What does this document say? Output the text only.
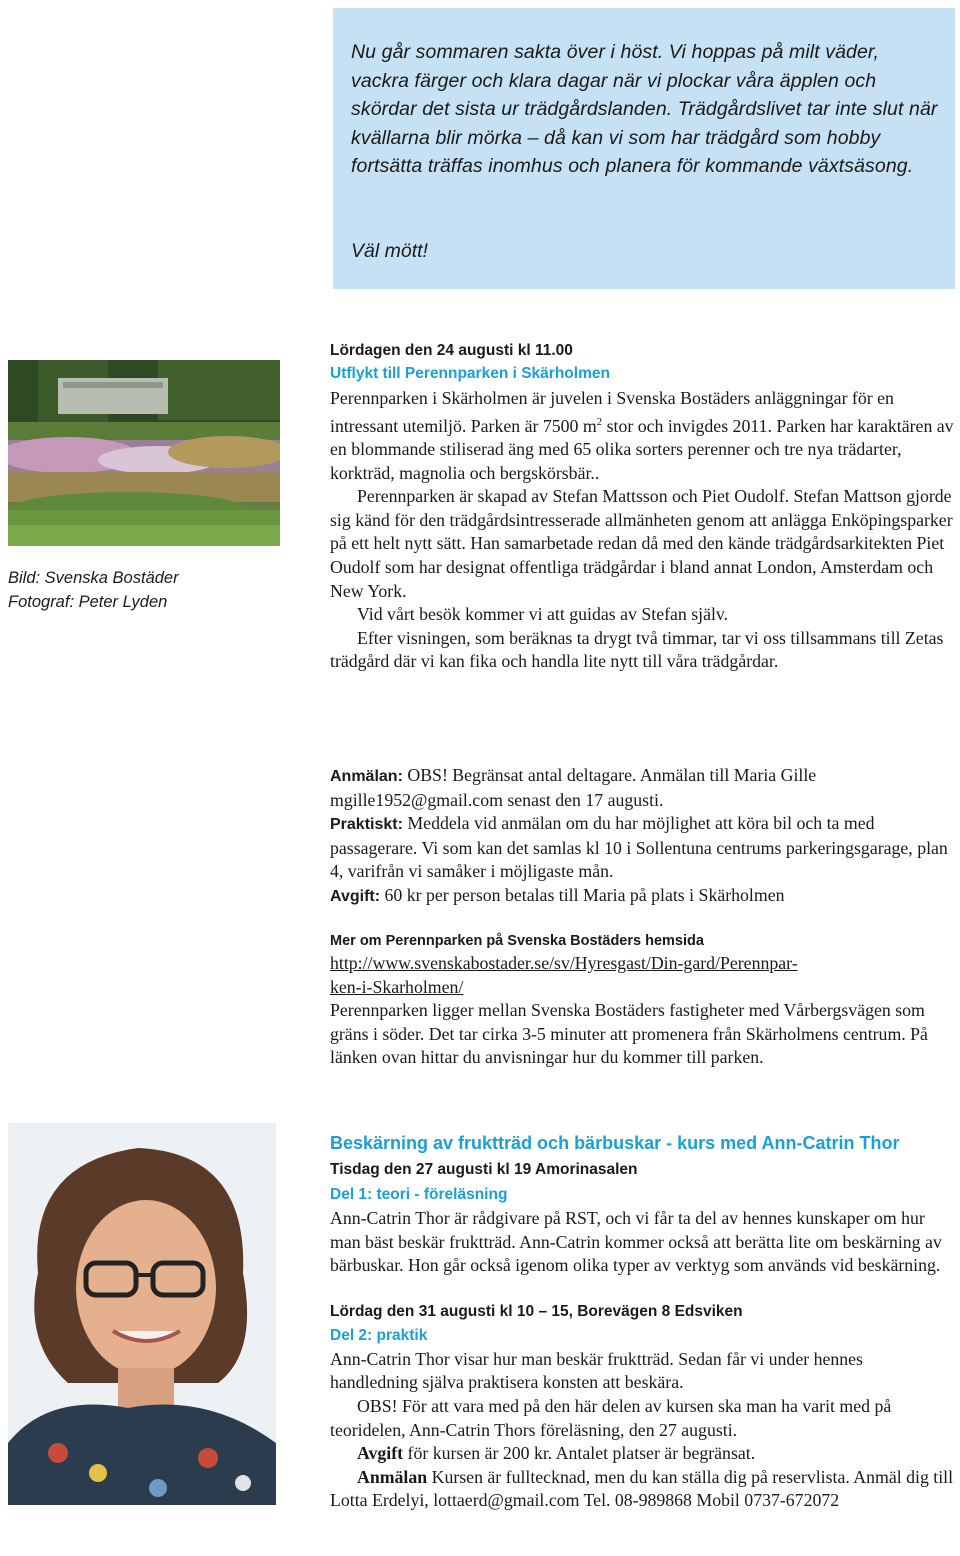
Nu går sommaren sakta över i höst. Vi hoppas på milt väder, vackra färger och klara dagar när vi plockar våra äpplen och skördar det sista ur trädgårdslanden. Trädgårdslivet tar inte slut när kvällarna blir mörka – då kan vi som har trädgård som hobby fortsätta träffas inomhus och planera för kommande växtsäsong.
Väl mött!
Bild: Svenska Bostäder
Fotograf: Peter Lyden
Lördagen den 24 augusti kl 11.00
Utflykt till Perennparken i Skärholmen

Perennparken i Skärholmen är juvelen i Svenska Bostäders anläggningar för en intressant utemiljö. Parken är 7500 $m^2$ stor och invigdes 2011. Parken har karaktären av en blommande stiliserad äng med 65 olika sorters perenner och tre nya trädarter, korkträd, magnolia och bergskörsbär..

Perennparken är skapad av Stefan Mattsson och Piet Oudolf. Stefan Mattson gjorde sig känd för den trädgårdsintresserade allmänheten genom att anlägga Enköpingsparker på ett helt nytt sätt. Han samarbetade redan då med den kände trädgårdsarkitekten Piet Oudolf som har designat offentliga trädgårdar i bland annat London, Amsterdam och New York.

Vid vårt besök kommer vi att guidas av Stefan själv.

Efter visningen, som beräknas ta drygt två timmar, tar vi oss tillsammans till Zetas trädgård där vi kan fika och handla lite nytt till våra trädgårdar.

Anmälan: OBS! Begränsat antal deltagare. Anmälan till Maria Gille mgille1952@gmail.com senast den 17 augusti.

Praktiskt: Meddela vid anmälan om du har möjlighet att köra bil och ta med passagerare. Vi som kan det samlas kl 10 i Sollentuna centrums parkeringsgarage, plan 4, varifrån vi samåker i möjligaste mån.

Avgift: 60 kr per person betalas till Maria på plats i Skärholmen

Mer om Perennparken på Svenska Bostäders hemsida
http://www.svenskabostader.se/sv/Hyresgast/Din-gard/Perennpar-
ken-i-Skarholmen/

Perennparken ligger mellan Svenska Bostäders fastigheter med Vårbergsvägen som gräns i söder. Det tar cirka 3-5 minuter att promenera från Skärholmens centrum. På länken ovan hittar du anvisningar hur du kommer till parken.

Beskärning av fruktträd och bärbuskar - kurs med Ann-Catrin Thor
Tisdag den 27 augusti kl 19 Amorinasalen
Del 1: teori - föreläsning

Ann-Catrin Thor är rådgivare på RST, och vi får ta del av hennes kunskaper om hur man bäst beskär fruktträd. Ann-Catrin kommer också att berätta lite om beskärning av bärbuskar. Hon går också igenom olika typer av verktyg som används vid beskärning.

Lördag den 31 augusti kl 10 – 15, Borevägen 8 Edsviken
Del 2: praktik

Ann-Catrin Thor visar hur man beskär fruktträd. Sedan får vi under hennes handledning själva praktisera konsten att beskära.

OBS! För att vara med på den här delen av kursen ska man ha varit med på teoridelen, Ann-Catrin Thors föreläsning, den 27 augusti.

Avgift för kursen är 200 kr. Antalet platser är begränsat.

Anmälan Kursen är fulltecknad, men du kan ställa dig på reservlista. Anmäl dig till Lotta Erdelyi, lottaerd@gmail.com Tel. 08-989868 Mobil 0737-672072
